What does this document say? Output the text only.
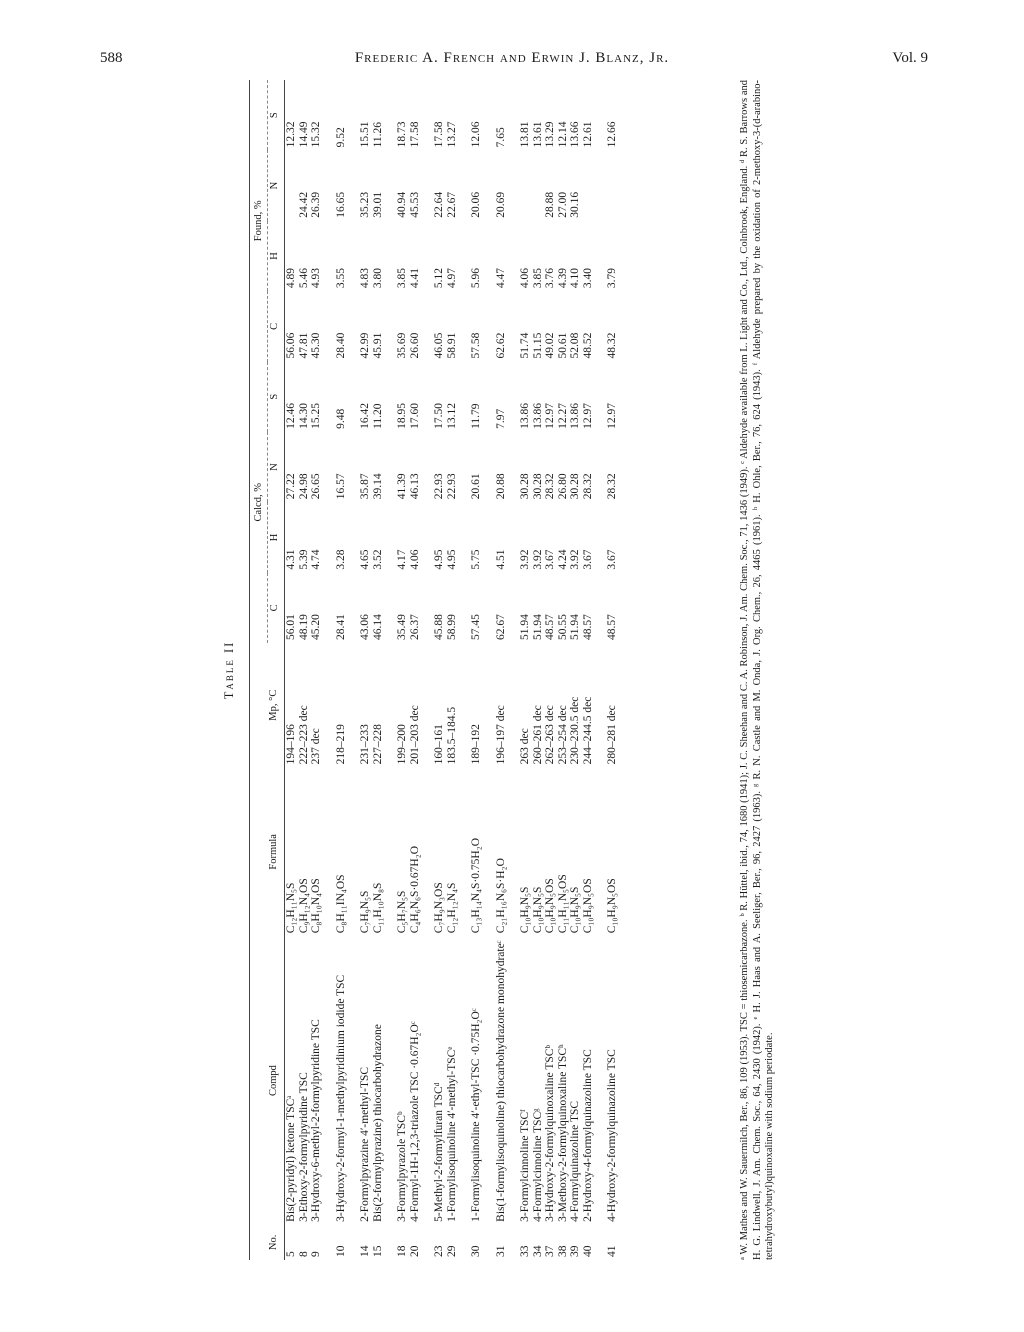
588	Frederic A. French and Erwin J. Blanz, Jr.	Vol. 9
Table II
				Calcd, %				Found, %			
No.	Compd	Formula	Mp, °C	C	H	N	S	C	H	N	S
5	Bis(2-pyridyl) ketone TSCᵃ	C₁₂H₁₁N₅S	194–196	56.01	4.31	27.22	12.46	56.06	4.89		12.32
8	3-Ethoxy-2-formylpyridine TSC	C₉H₁₂N₄OS	222–223 dec	48.19	5.39	24.98	14.30	47.81	5.46	24.42	14.49
9	3-Hydroxy-6-methyl-2-formylpyridine TSC	C₈H₁₀N₄OS	237 dec	45.20	4.74	26.65	15.25	45.30	4.93	26.39	15.32
10	3-Hydroxy-2-formyl-1-methylpyridinium iodide TSC	C₈H₁₁IN₄OS	218–219	28.41	3.28	16.57	9.48	28.40	3.55	16.65	9.52
14	2-Formylpyrazine 4′-methyl-TSC	C₇H₉N₅S	231–233	43.06	4.65	35.87	16.42	42.99	4.83	35.23	15.51
15	Bis(2-formylpyrazine) thiocarbohydrazone	C₁₁H₁₀N₈S	227–228	46.14	3.52	39.14	11.20	45.91	3.80	39.01	11.26
18	3-Formylpyrazole TSCᵇ	C₅H₇N₅S	199–200	35.49	4.17	41.39	18.95	35.69	3.85	40.94	18.73
20	4-Formyl-1H-1,2,3-triazole TSC ·0.67H₂Oᶜ	C₄H₆N₆S·0.67H₂O	201–203 dec	26.37	4.06	46.13	17.60	26.60	4.41	45.53	17.58
23	5-Methyl-2-formylfuran TSCᵈ	C₇H₉N₃OS	160–161	45.88	4.95	22.93	17.50	46.05	5.12	22.64	17.58
29	1-Formylisoquinoline 4′-methyl-TSCᵉ	C₁₂H₁₂N₄S	183.5–184.5	58.99	4.95	22.93	13.12	58.91	4.97	22.67	13.27
30	1-Formylisoquinoline 4′-ethyl-TSC ·0.75H₂Oᶜ	C₁₃H₁₄N₄S·0.75H₂O	189–192	57.45	5.75	20.61	11.79	57.58	5.96	20.06	12.06
31	Bis(1-formylisoquinoline) thiocarbohydrazone monohydrateᶜ	C₂₁H₁₆N₆S·H₂O	196–197 dec	62.67	4.51	20.88	7.97	62.62	4.47	20.69	7.65
33	3-Formylcinnoline TSCᶠ	C₁₀H₉N₅S	263 dec	51.94	3.92	30.28	13.86	51.74	4.06		13.81
34	4-Formylcinnoline TSCᵍ	C₁₀H₉N₅S	260–261 dec	51.94	3.92	30.28	13.86	51.15	3.85		13.61
37	3-Hydroxy-2-formylquinoxaline TSCᵇ	C₁₀H₉N₅OS	262–263 dec	48.57	3.67	28.32	12.97	49.02	3.76	28.88	13.29
38	3-Methoxy-2-formylquinoxaline TSCʰ	C₁₁H₁₁N₅OS	253–254 dec	50.55	4.24	26.80	12.27	50.61	4.39	27.00	12.14
39	4-Formylquinazoline TSC	C₁₀H₉N₅S	230–230.5 dec	51.94	3.92	30.28	13.86	52.08	4.10	30.16	13.66
40	2-Hydroxy-4-formylquinazoline TSC	C₁₀H₉N₅OS	244–244.5 dec	48.57	3.67	28.32	12.97	48.52	3.40		12.61
41	4-Hydroxy-2-formylquinazoline TSC	C₁₀H₉N₅OS	280–281 dec	48.57	3.67	28.32	12.97	48.32	3.79		12.66	ᵃ W. Mathes and W. Sauermilch, Ber., 86, 109 (1953). TSC = thiosemicarbazone. ᵇ R. Hüttel, ibid., 74, 1680 (1941); J. C. Sheehan and C. A. Robinson, J. Am. Chem. Soc., 71, 1436 (1949). ᶜ Aldehyde available from L. Light and Co., Ltd., Colnbrook, England. ᵈ R. S. Barrows and H. G. Lindwell, J. Am. Chem. Soc., 64, 2430 (1942). ᵉ H. J. Haas and A. Seeliger, Ber., 96, 2427 (1963). ᵍ R. N. Castle and M. Onda, J. Org. Chem., 26, 4465 (1961). ʰ H. Ohle, Ber., 76, 624 (1943). ᶠ Aldehyde prepared by the oxidation of 2-methoxy-3-(d-arabino-tetrahydroxybutyl)quinoxaline with sodium periodate.
